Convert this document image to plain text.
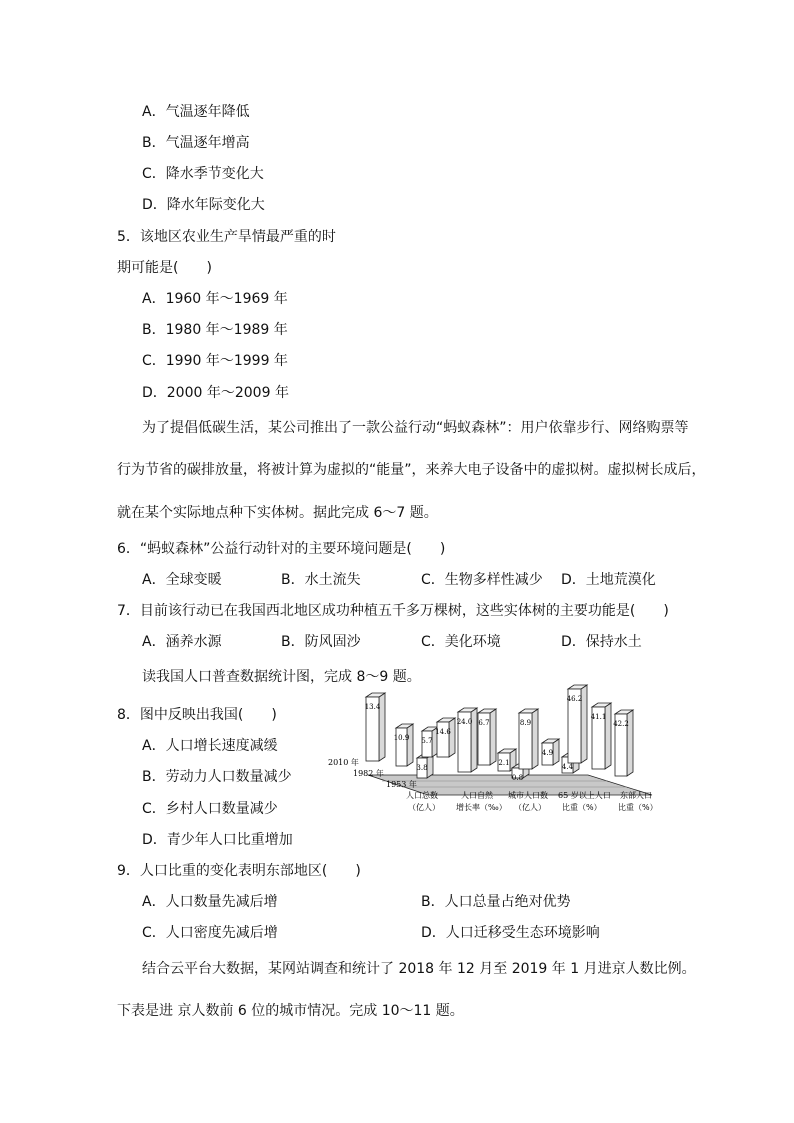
A．气温逐年降低
B．气温逐年增高
C．降水季节变化大
D．降水年际变化大
5．该地区农业生产旱情最严重的时
期可能是(　　)
A．1960 年～1969 年
B．1980 年～1989 年
C．1990 年～1999 年
D．2000 年～2009 年
为了提倡低碳生活，某公司推出了一款公益行动“蚂蚁森林”：用户依靠步行、网络购票等
行为节省的碳排放量，将被计算为虚拟的“能量”，来养大电子设备中的虚拟树。虚拟树长成后，
就在某个实际地点种下实体树。据此完成 6～7 题。
6．“蚂蚁森林”公益行动针对的主要环境问题是(　　)
A．全球变暖	B．水土流失	C．生物多样性减少 D．土地荒漠化
7．目前该行动已在我国西北地区成功种植五千多万棵树，这些实体树的主要功能是(　　)
A．涵养水源	B．防风固沙	C．美化环境	D．保持水土
读我国人口普查数据统计图，完成 8～9 题。
8．图中反映出我国(　　)
A．人口增长速度减缓
B．劳动力人口数量减少
C．乡村人口数量减少
D．青少年人口比重增加
2010 年
1982 年
1953 年
3.8
10.9
13.4
5.7
14.6
24.0 6.7
2.1
0.8
4.9
8.9
4.4
46.2
41.1
42.2
人口总数
（亿人）
人口自然
增长率（‰）
城市人口数
（亿人）
65 岁以上人口
比重（%）
东部人口
比重（%）
9．人口比重的变化表明东部地区(　　)
A．人口数量先减后增	B．人口总量占绝对优势
C．人口密度先减后增	D．人口迁移受生态环境影响
结合云平台大数据，某网站调查和统计了 2018 年 12 月至 2019 年 1 月进京人数比例。
下表是进 京人数前 6 位的城市情况。完成 10～11 题。
